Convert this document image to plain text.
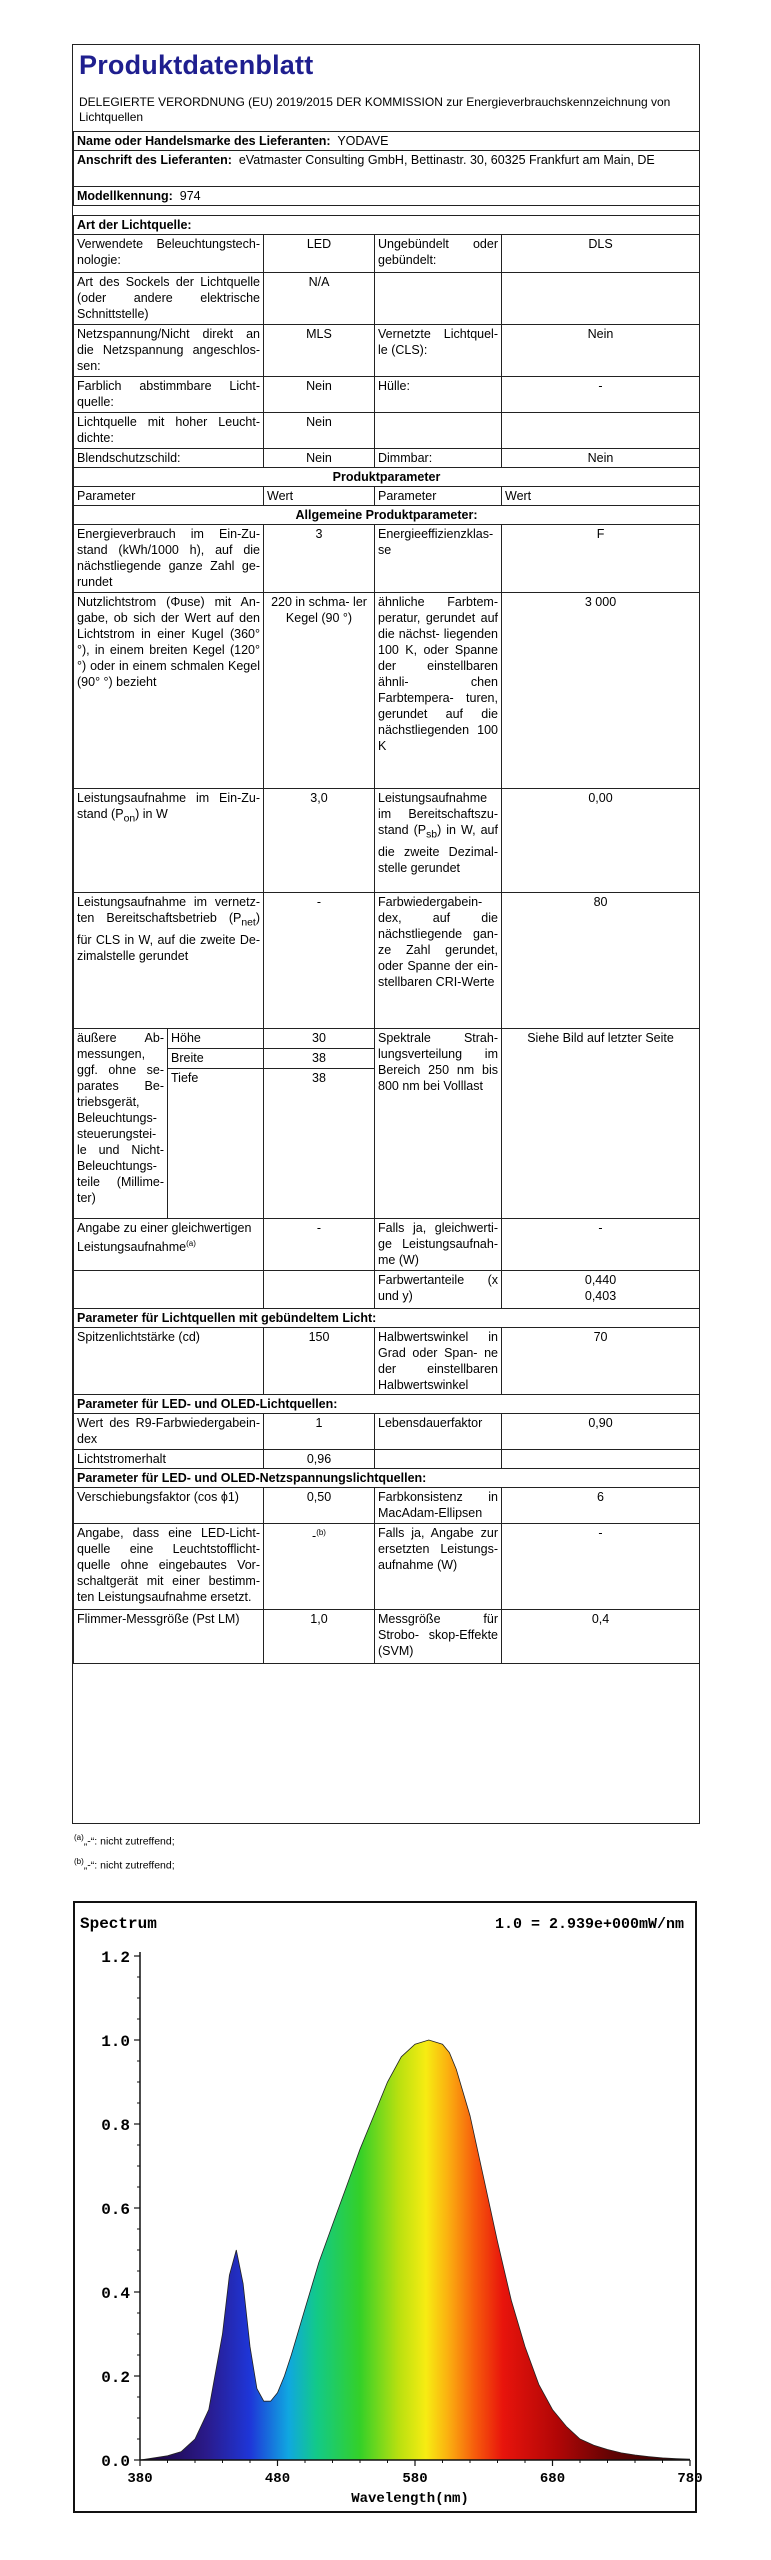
Produktdatenblatt
DELEGIERTE VERORDNUNG (EU) 2019/2015 DER KOMMISSION zur Energieverbrauchskennzeichnung von Lichtquellen
Name oder Handelsmarke des Lieferanten: YODAVE
Anschrift des Lieferanten: eVatmaster Consulting GmbH, Bettinastr. 30, 60325 Frankfurt am Main, DE
Modellkennung: 974
Art der Lichtquelle:				
Verwendete Beleuchtungstech- nologie:		LED	Ungebündelt oder gebündelt:	DLS
Art des Sockels der Lichtquelle (oder andere elektrische Schnittstelle)		N/A		
Netzspannung/Nicht direkt an die Netzspannung angeschlos- sen:		MLS	Vernetzte Lichtquel- le (CLS):	Nein
Farblich abstimmbare Licht- quelle:		Nein	Hülle:	-
Lichtquelle mit hoher Leucht- dichte:		Nein		
Blendschutzschild:		Nein	Dimmbar:	Nein
Produktparameter				
Parameter		Wert	Parameter	Wert
Allgemeine Produktparameter:				
Energieverbrauch im Ein-Zu- stand (kWh/1000 h), auf die nächstliegende ganze Zahl ge- rundet		3	Energieeffizienzklas- se	F
Nutzlichtstrom (Φuse) mit An- gabe, ob sich der Wert auf den Lichtstrom in einer Kugel (360° °), in einem breiten Kegel (120° °) oder in einem schmalen Kegel (90° °) bezieht		220 in schma- ler Kegel (90 °)	ähnliche Farbtem- peratur, gerundet auf die nächst- liegenden 100 K, oder Spanne der einstellbaren ähnli- chen Farbtempera- turen, gerundet auf die nächstliegenden 100 K	3 000
Leistungsaufnahme im Ein-Zu- stand $(P_{on})$ in W		3,0	Leistungsaufnahme im Bereitschaftszu- stand $(P_{sb})$ in W, auf die zweite Dezimal- stelle gerundet	0,00
Leistungsaufnahme im vernetz- ten Bereitschaftsbetrieb $(P_{net})$ für CLS in W, auf die zweite De- zimalstelle gerundet		-	Farbwiedergabein- dex, auf die nächstliegende gan- ze Zahl gerundet, oder Spanne der ein- stellbaren CRI-Werte	80
äußere Ab- messungen, ggf. ohne se- parates Be- triebsgerät, Beleuchtungs- steuerungstei- le und Nicht- Beleuchtungs- teile (Millime- ter)	Höhe	30	Spektrale Strah- lungsverteilung im Bereich 250 nm bis 800 nm bei Volllast	Siehe Bild auf letzter Seite
	Breite	38		
	Tiefe	38		
Angabe zu einer gleichwertigen Leistungsaufnahme$^{(a)}$		-	Falls ja, gleichwerti- ge Leistungsaufnah- me (W)	-
			Farbwertanteile (x und y)	0,440
0,403
Parameter für Lichtquellen mit gebündeltem Licht:				
Spitzenlichtstärke (cd)		150	Halbwertswinkel in Grad oder Span- ne der einstellbaren Halbwertswinkel	70
Parameter für LED- und OLED-Lichtquellen:				
Wert des R9-Farbwiedergabein- dex		1	Lebensdauerfaktor	0,90
Lichtstromerhalt		0,96		
Parameter für LED- und OLED-Netzspannungslichtquellen:				
Verschiebungsfaktor (cos ϕ1)		0,50	Farbkonsistenz in MacAdam-Ellipsen	6
Angabe, dass eine LED-Licht- quelle eine Leuchtstofflicht- quelle ohne eingebautes Vor- schaltgerät mit einer bestimm- ten Leistungsaufnahme ersetzt.		-$^{(b)}$	Falls ja, Angabe zur ersetzten Leistungs- aufnahme (W)	-
Flimmer-Messgröße (Pst LM)		1,0	Messgröße für Strobo- skop-Effekte (SVM)	0,4
$^{(a)}$„-“: nicht zutreffend;
$^{(b)}$„-“: nicht zutreffend;
Spectrum	1.0 = 2.939e+000mW/nm
0.0
0.2
0.4
0.6
0.8
1.0
1.2
380	480	580	680	780
Wavelength(nm)
